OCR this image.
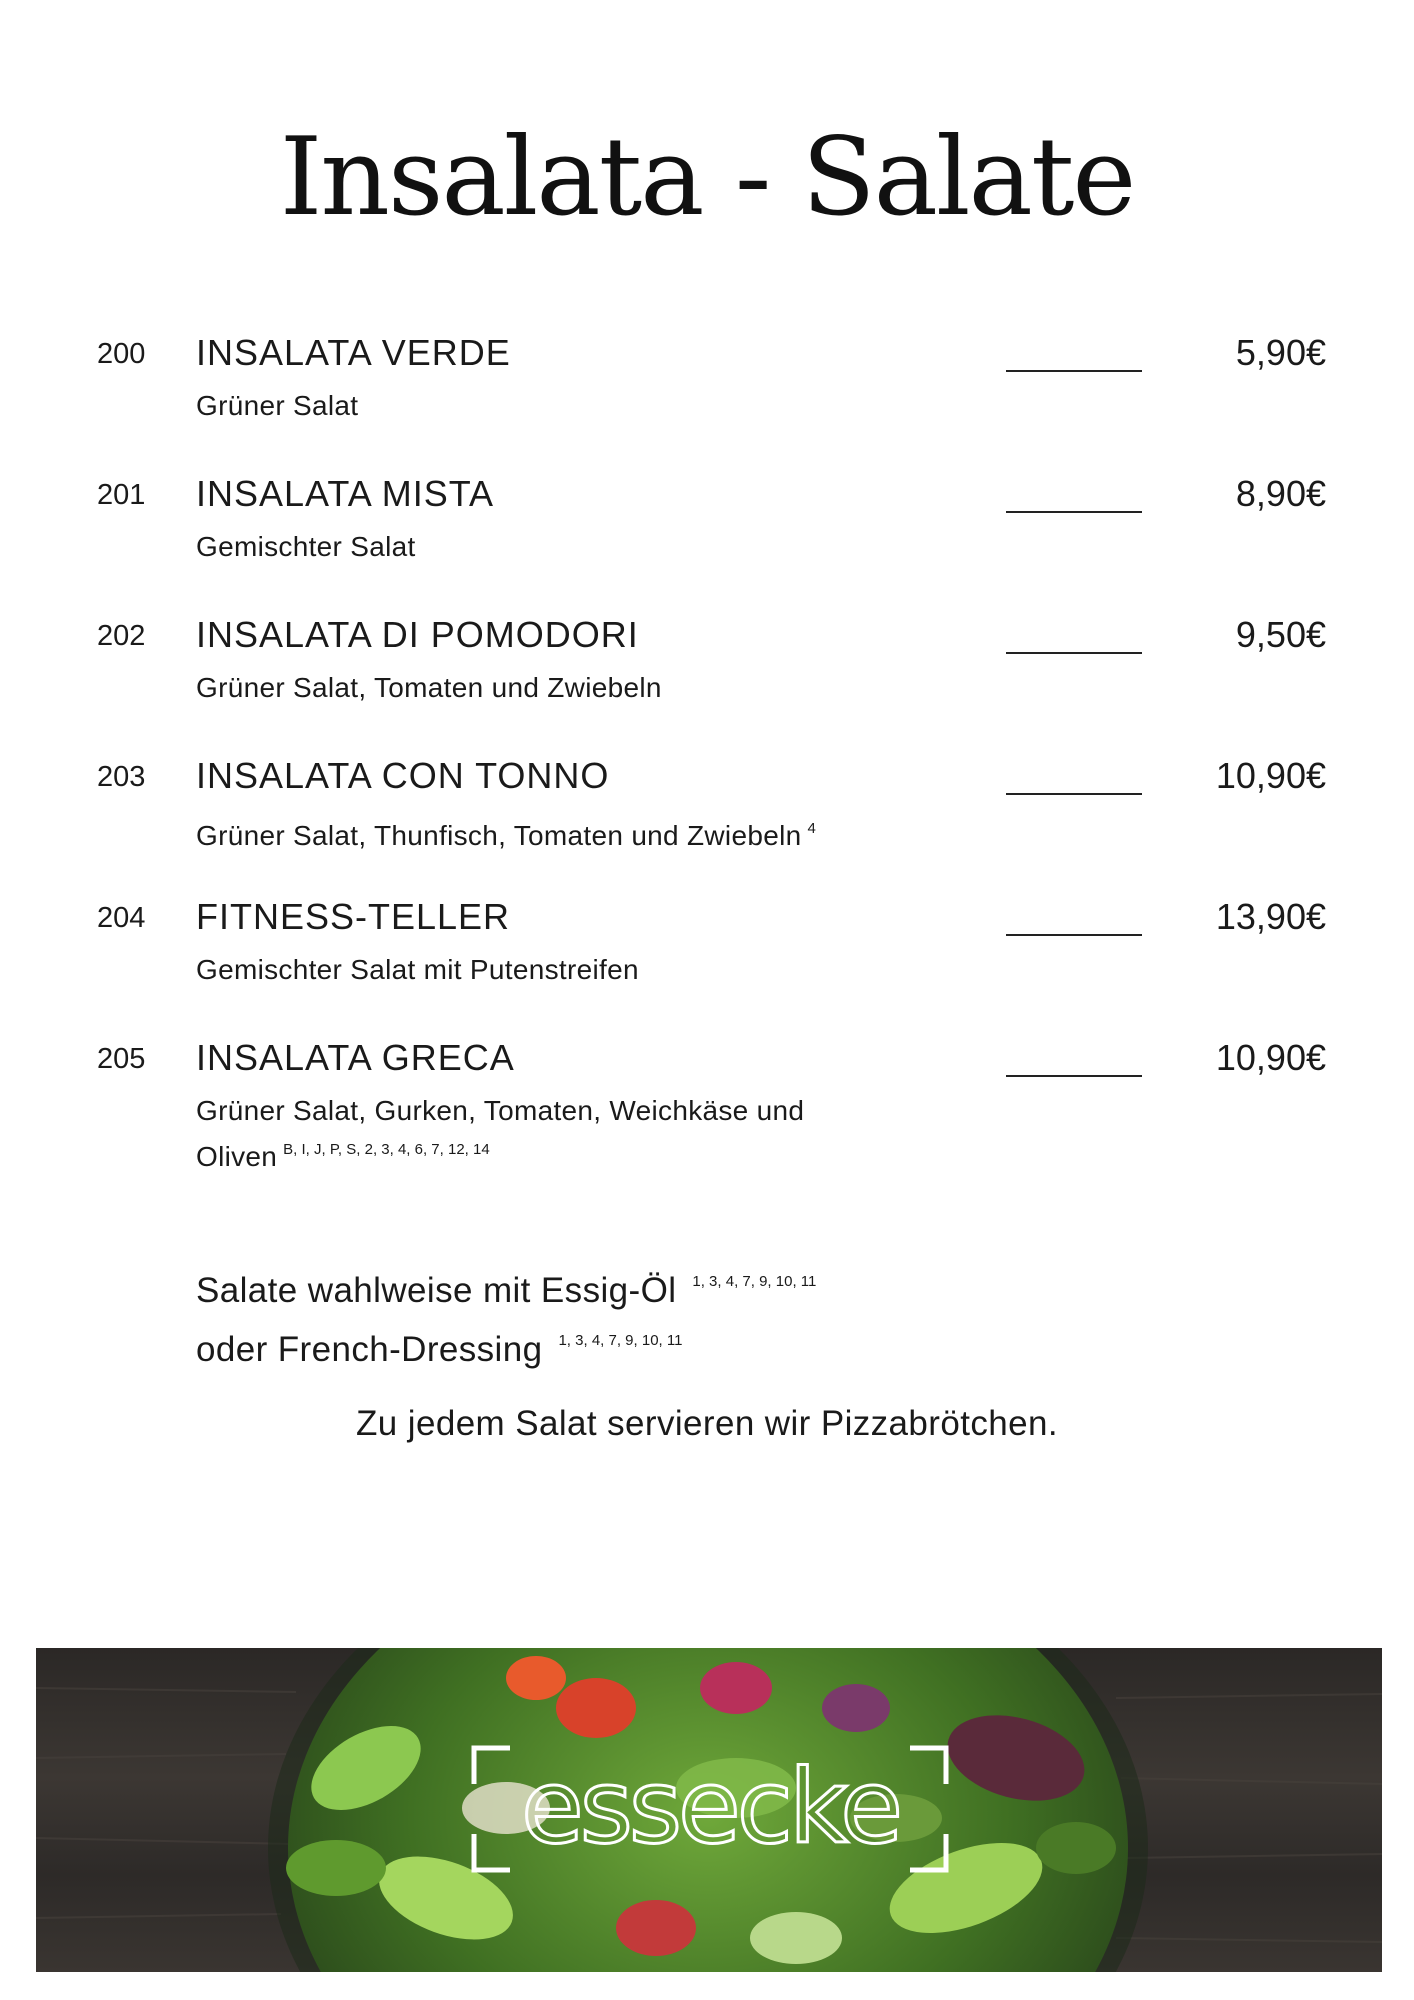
Insalata - Salate
200 INSALATA VERDE	5,90€
Grüner Salat
201 INSALATA MISTA	8,90€
Gemischter Salat
202 INSALATA DI POMODORI	9,50€
Grüner Salat, Tomaten und Zwiebeln
203 INSALATA CON TONNO	10,90€
Grüner Salat, Thunfisch, Tomaten und Zwiebeln $^4$
204 FITNESS-TELLER	13,90€
Gemischter Salat mit Putenstreifen
205 INSALATA GRECA	10,90€
Grüner Salat, Gurken, Tomaten, Weichkäse und
Oliven $^{B, I, J, P, S, 2, 3, 4, 6, 7, 12, 14}$
Salate wahlweise mit Essig-Öl $^{1, 3, 4, 7, 9, 10, 11}$
oder French-Dressing $^{1, 3, 4, 7, 9, 10, 11}$
Zu jedem Salat servieren wir Pizzabrötchen.
essecke
